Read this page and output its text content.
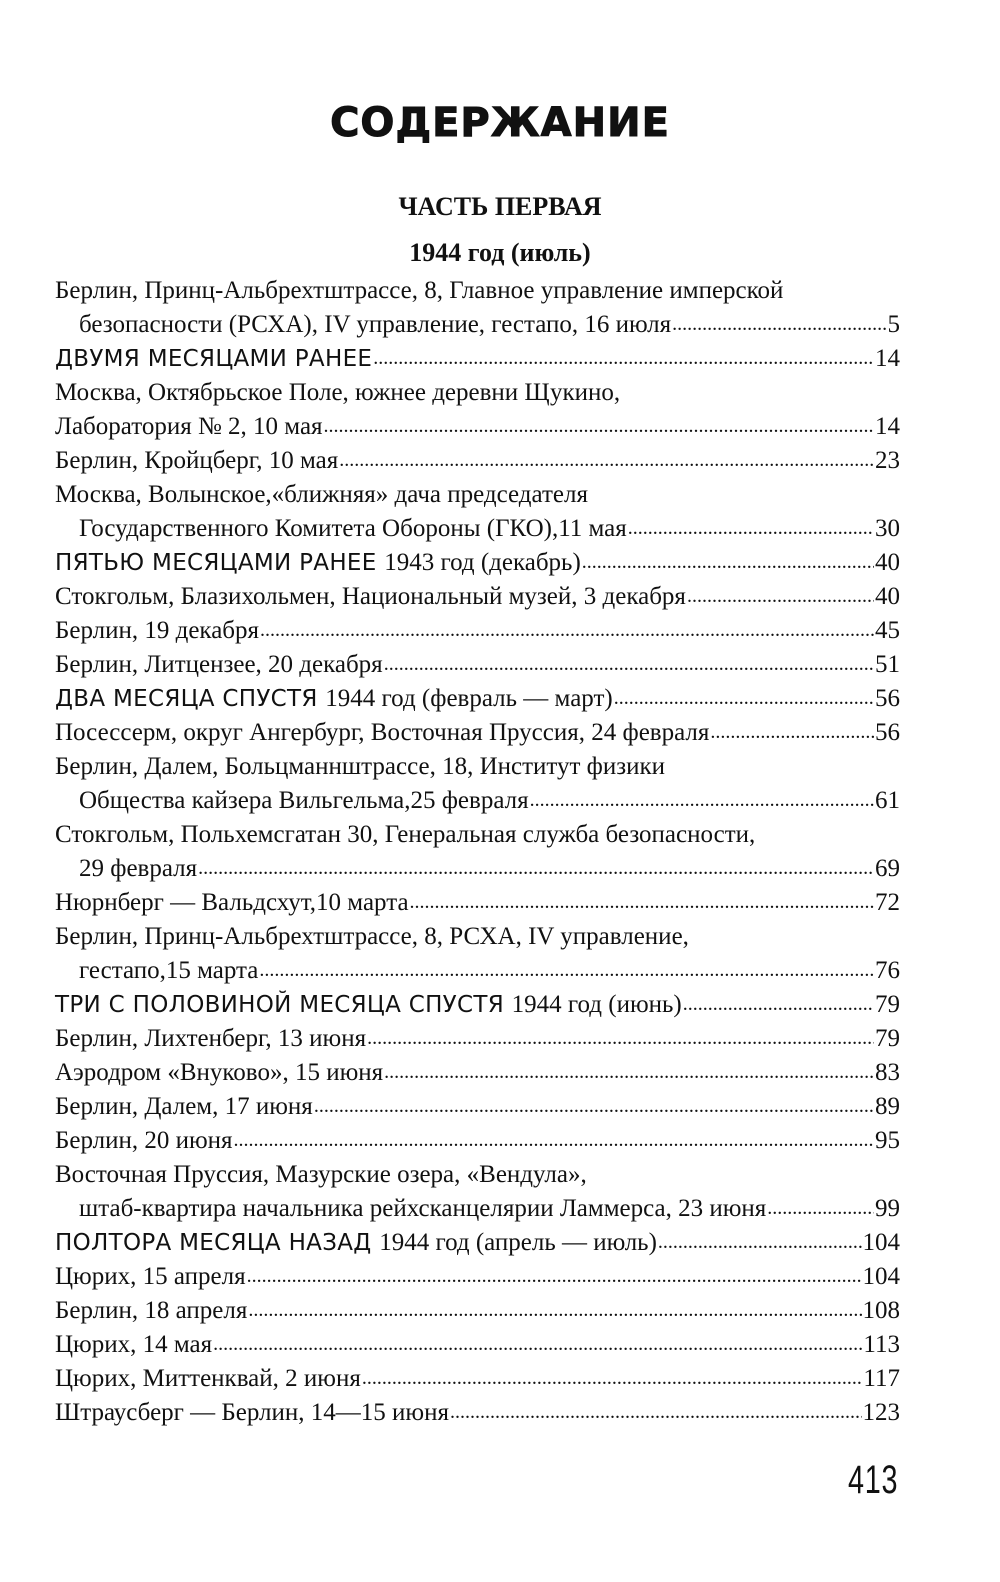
СОДЕРЖАНИЕ
ЧАСТЬ ПЕРВАЯ
1944 год (июль)
Берлин, Принц-Альбрехтштрассе, 8, Главное управление имперской
безопасности (РСХА), IV управление, гестапо, 16 июля .....	5
ДВУМЯ МЕСЯЦАМИ РАНЕЕ .....	14
Москва, Октябрьское Поле, южнее деревни Щукино,
Лаборатория № 2, 10 мая .....	14
Берлин, Кройцберг, 10 мая .....	23
Москва, Волынское,«ближняя» дача председателя
Государственного Комитета Обороны (ГКО),11 мая .....	30
ПЯТЬЮ МЕСЯЦАМИ РАНЕЕ 1943 год (декабрь) .....	40
Стокгольм, Блазихольмен, Национальный музей, 3 декабря .....	40
Берлин, 19 декабря .....	45
Берлин, Литцензее, 20 декабря .....	51
ДВА МЕСЯЦА СПУСТЯ 1944 год (февраль — март) .....	56
Посессерм, округ Ангербург, Восточная Пруссия, 24 февраля .....	56
Берлин, Далем, Больцманнштрассе, 18, Институт физики
Общества кайзера Вильгельма,25 февраля .....	61
Стокгольм, Польхемсгатан 30, Генеральная служба безопасности,
29 февраля .....	69
Нюрнберг — Вальдсхут,10 марта .....	72
Берлин, Принц-Альбрехтштрассе, 8, РСХА, IV управление,
гестапо,15 марта .....	76
ТРИ С ПОЛОВИНОЙ МЕСЯЦА СПУСТЯ 1944 год (июнь) .....	79
Берлин, Лихтенберг, 13 июня .....	79
Аэродром «Внуково», 15 июня .....	83
Берлин, Далем, 17 июня .....	89
Берлин, 20 июня .....	95
Восточная Пруссия, Мазурские озера, «Вендула»,
штаб-квартира начальника рейхсканцелярии Ламмерса, 23 июня .....	99
ПОЛТОРА МЕСЯЦА НАЗАД 1944 год (апрель — июль) .....	104
Цюрих, 15 апреля .....	104
Берлин, 18 апреля .....	108
Цюрих, 14 мая .....	113
Цюрих, Миттенквай, 2 июня .....	117
Штраусберг — Берлин, 14—15 июня .....	123
413
